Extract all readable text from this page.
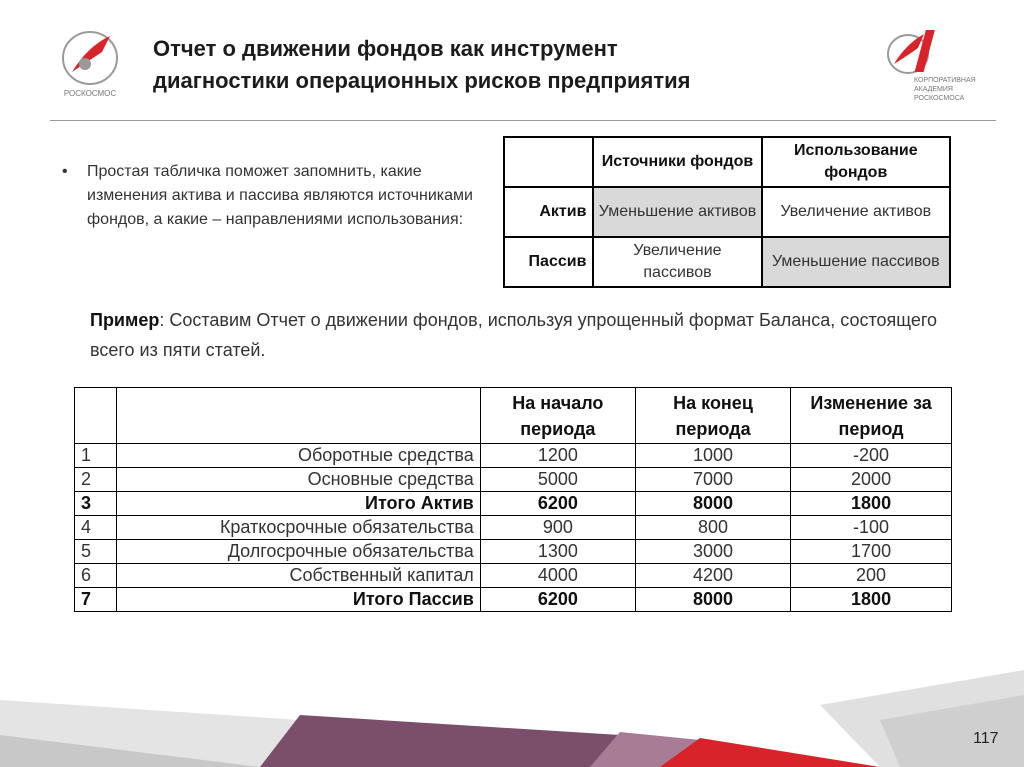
РОСКОСМОС
Отчет о движении фондов как инструмент
диагностики операционных рисков предприятия	КОРПОРАТИВНАЯ
АКАДЕМИЯ
РОСКОСМОСА
• Простая табличка поможет запомнить, какие изменения актива и пассива являются источниками фондов, а какие – направлениями использования:
	Источники фондов	Использование фондов
Актив	Уменьшение активов	Увеличение активов
Пассив	Увеличение пассивов	Уменьшение пассивов
Пример: Составим Отчет о движении фондов, используя упрощенный формат Баланса, состоящего всего из пяти статей.
		На начало периода	На конец периода	Изменение за период
1	Оборотные средства	1200	1000	-200
2	Основные средства	5000	7000	2000
3	Итого Актив	6200	8000	1800
4	Краткосрочные обязательства	900	800	-100
5	Долгосрочные обязательства	1300	3000	1700
6	Собственный капитал	4000	4200	200
7	Итого Пассив	6200	8000	1800
117
